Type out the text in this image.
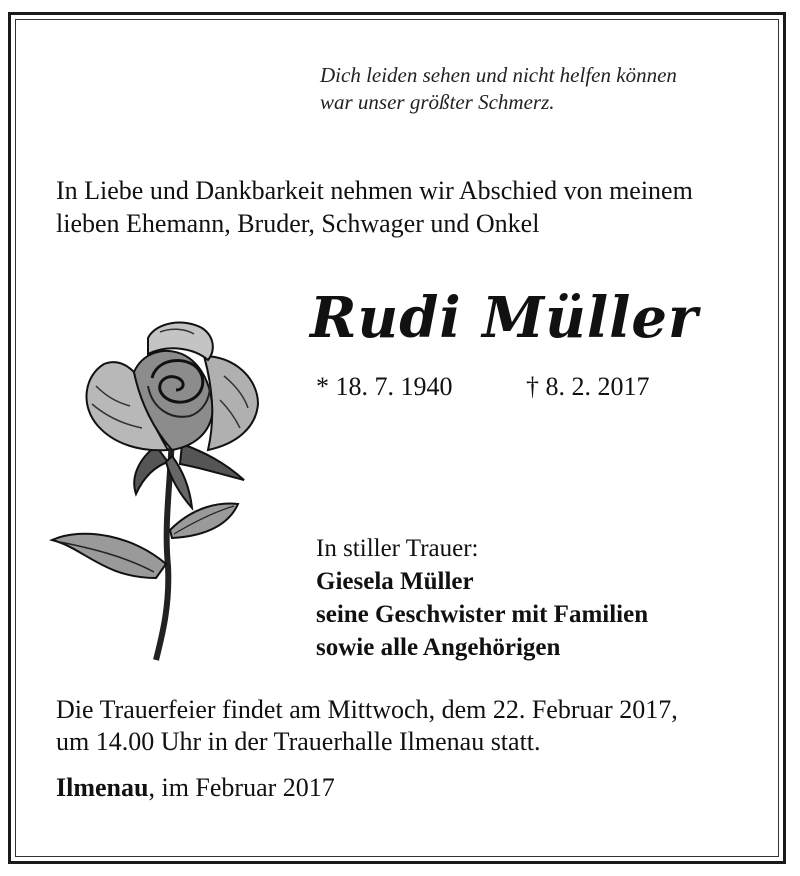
Dich leiden sehen und nicht helfen können
war unser größter Schmerz.
In Liebe und Dankbarkeit nehmen wir Abschied von meinem
lieben Ehemann, Bruder, Schwager und Onkel
Rudi Müller
* 18. 7. 1940	† 8. 2. 2017
In stiller Trauer:
Giesela Müller
seine Geschwister mit Familien
sowie alle Angehörigen
Die Trauerfeier findet am Mittwoch, dem 22. Februar 2017,
um 14.00 Uhr in der Trauerhalle Ilmenau statt.
Ilmenau, im Februar 2017
